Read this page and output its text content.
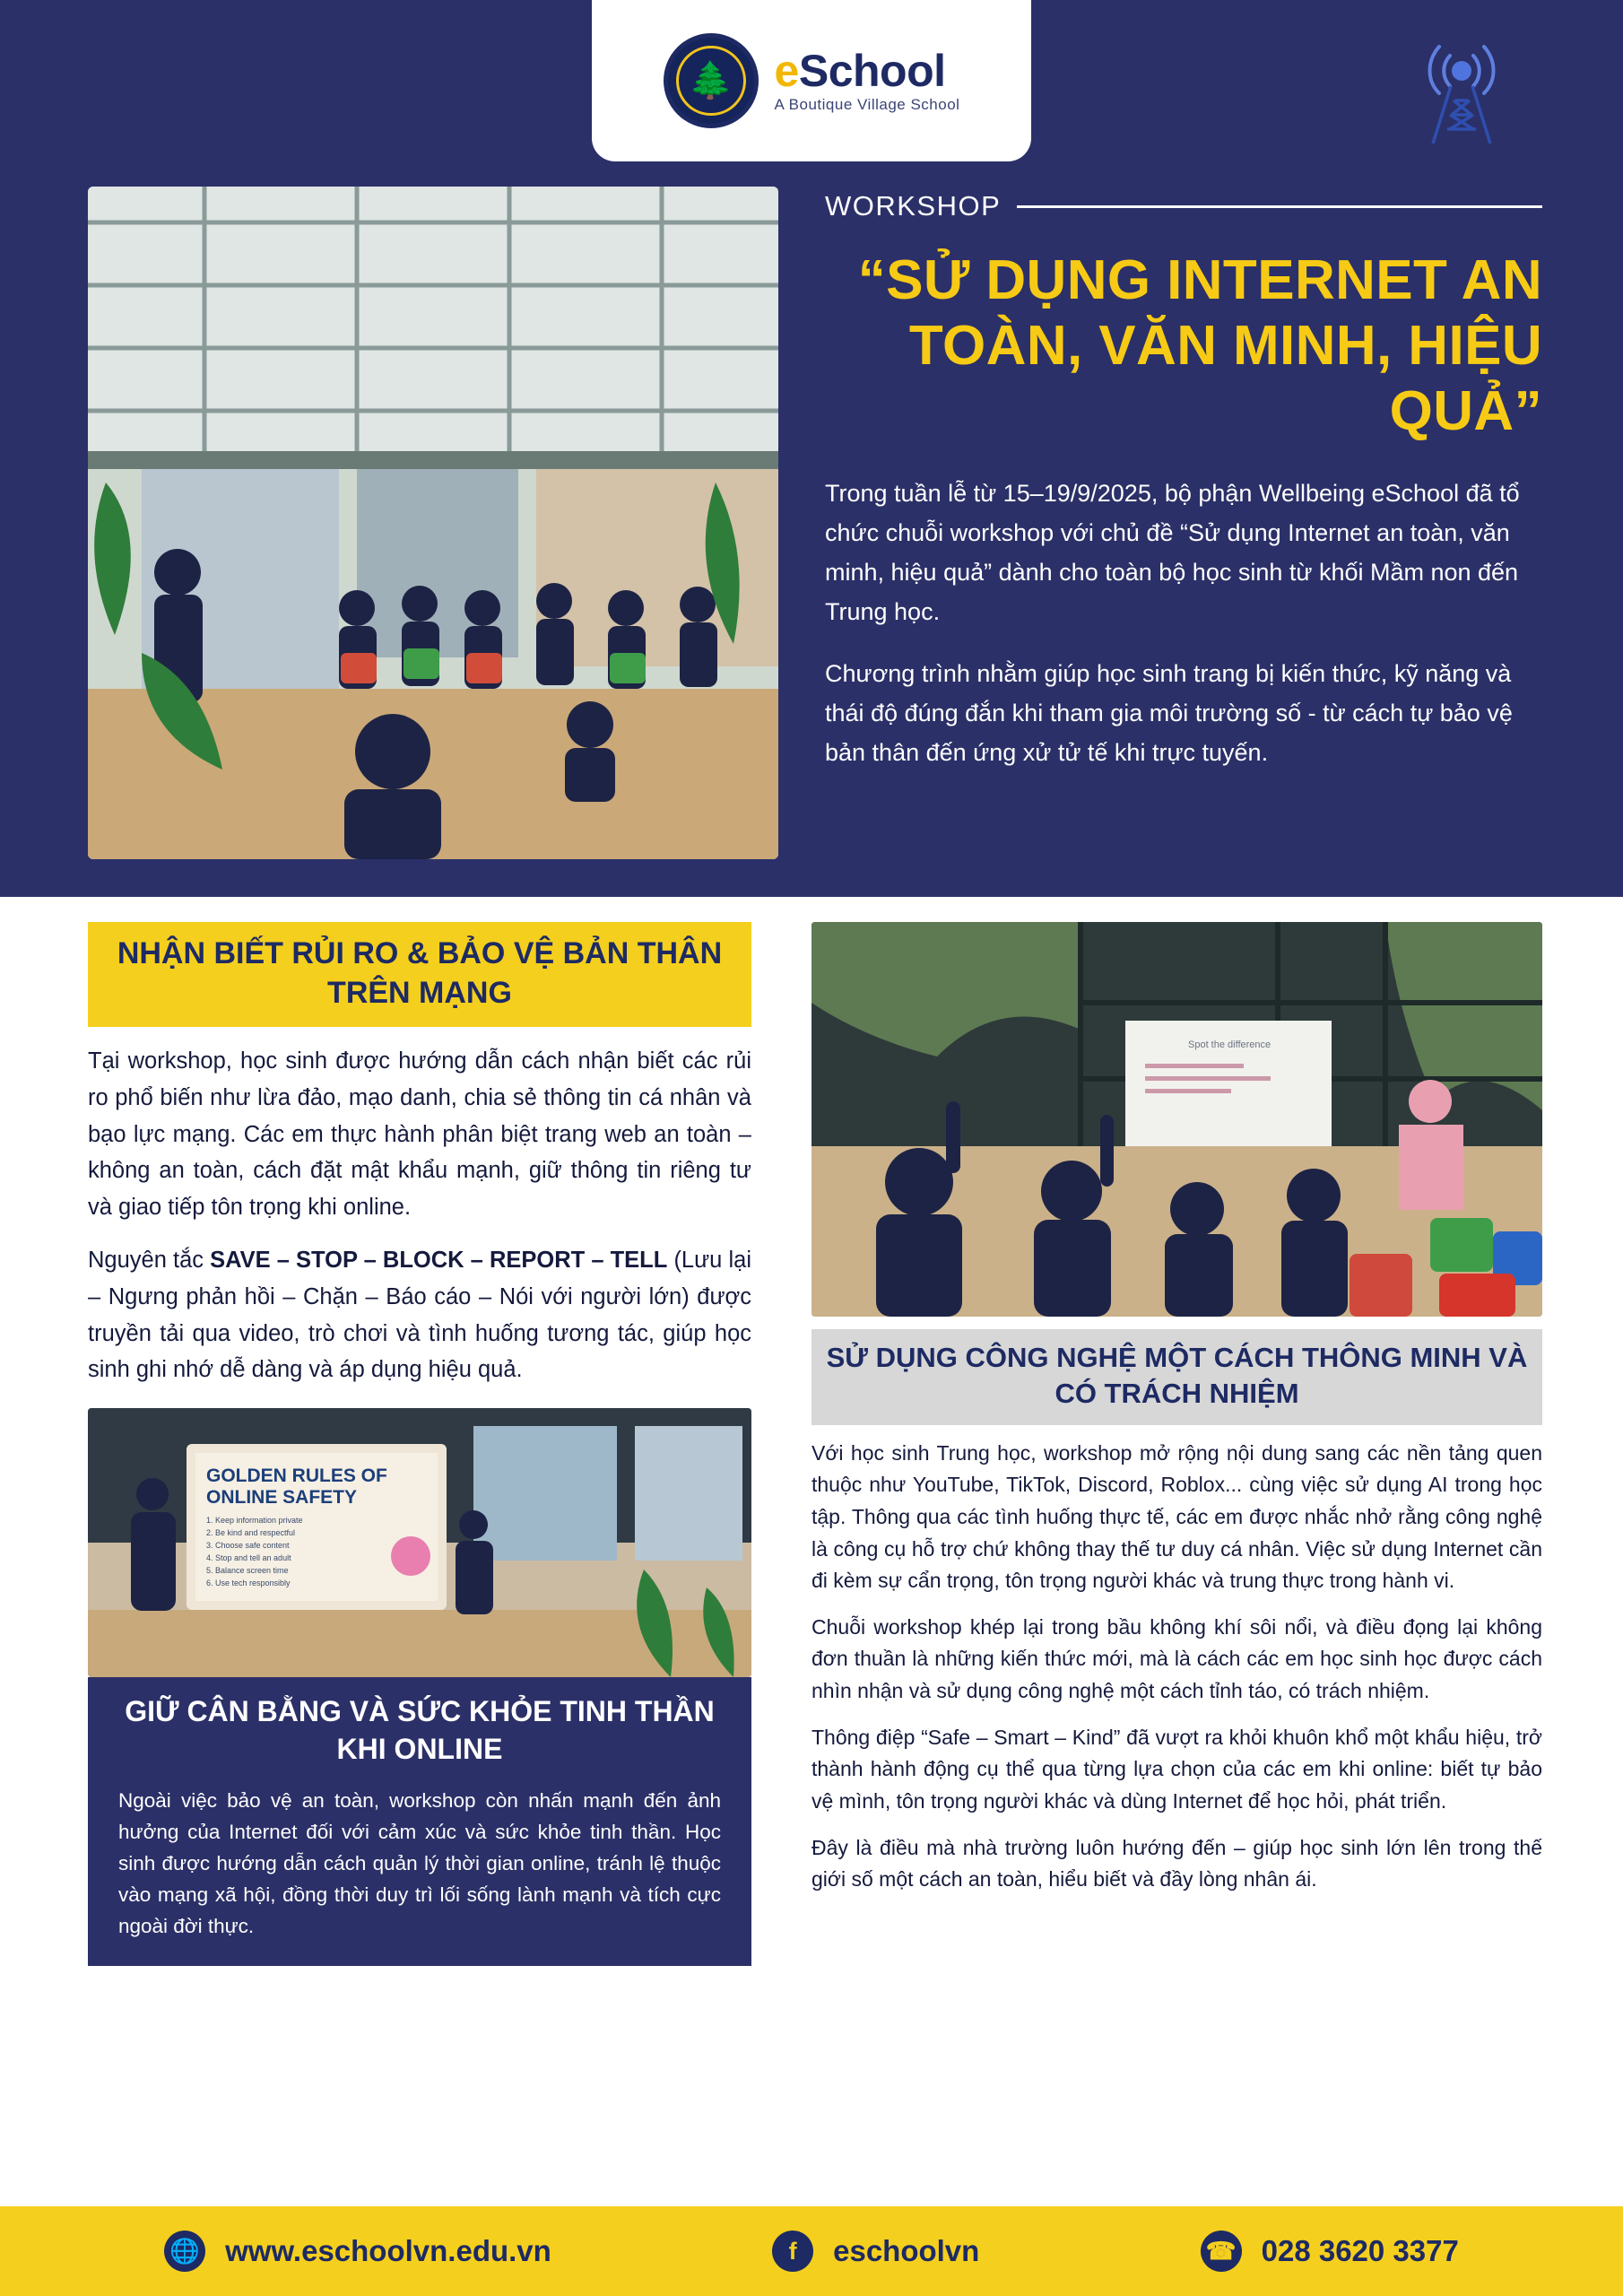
🌲 eSchool
A Boutique Village School
WORKSHOP
“SỬ DỤNG INTERNET AN TOÀN, VĂN MINH, HIỆU QUẢ”
Trong tuần lễ từ 15–19/9/2025, bộ phận Wellbeing eSchool đã tổ chức chuỗi workshop với chủ đề “Sử dụng Internet an toàn, văn minh, hiệu quả” dành cho toàn bộ học sinh từ khối Mầm non đến Trung học.
Chương trình nhằm giúp học sinh trang bị kiến thức, kỹ năng và thái độ đúng đắn khi tham gia môi trường số - từ cách tự bảo vệ bản thân đến ứng xử tử tế khi trực tuyến.
NHẬN BIẾT RỦI RO & BẢO VỆ BẢN THÂN TRÊN MẠNG
Tại workshop, học sinh được hướng dẫn cách nhận biết các rủi ro phổ biến như lừa đảo, mạo danh, chia sẻ thông tin cá nhân và bạo lực mạng. Các em thực hành phân biệt trang web an toàn – không an toàn, cách đặt mật khẩu mạnh, giữ thông tin riêng tư và giao tiếp tôn trọng khi online.
Nguyên tắc SAVE – STOP – BLOCK – REPORT – TELL (Lưu lại – Ngưng phản hồi – Chặn – Báo cáo – Nói với người lớn) được truyền tải qua video, trò chơi và tình huống tương tác, giúp học sinh ghi nhớ dễ dàng và áp dụng hiệu quả.
GOLDEN RULES OF
ONLINE SAFETY
1. Keep information private
2. Be kind and respectful
3. Choose safe content
4. Stop and tell an adult
5. Balance screen time
6. Use tech responsibly
GIỮ CÂN BẰNG VÀ SỨC KHỎE TINH THẦN KHI ONLINE
Ngoài việc bảo vệ an toàn, workshop còn nhấn mạnh đến ảnh hưởng của Internet đối với cảm xúc và sức khỏe tinh thần. Học sinh được hướng dẫn cách quản lý thời gian online, tránh lệ thuộc vào mạng xã hội, đồng thời duy trì lối sống lành mạnh và tích cực ngoài đời thực.
Spot the difference
SỬ DỤNG CÔNG NGHỆ MỘT CÁCH THÔNG MINH VÀ CÓ TRÁCH NHIỆM
Với học sinh Trung học, workshop mở rộng nội dung sang các nền tảng quen thuộc như YouTube, TikTok, Discord, Roblox... cùng việc sử dụng AI trong học tập. Thông qua các tình huống thực tế, các em được nhắc nhở rằng công nghệ là công cụ hỗ trợ chứ không thay thế tư duy cá nhân. Việc sử dụng Internet cần đi kèm sự cẩn trọng, tôn trọng người khác và trung thực trong hành vi.
Chuỗi workshop khép lại trong bầu không khí sôi nổi, và điều đọng lại không đơn thuần là những kiến thức mới, mà là cách các em học sinh học được cách nhìn nhận và sử dụng công nghệ một cách tỉnh táo, có trách nhiệm.
Thông điệp “Safe – Smart – Kind” đã vượt ra khỏi khuôn khổ một khẩu hiệu, trở thành hành động cụ thể qua từng lựa chọn của các em khi online: biết tự bảo vệ mình, tôn trọng người khác và dùng Internet để học hỏi, phát triển.
Đây là điều mà nhà trường luôn hướng đến – giúp học sinh lớn lên trong thế giới số một cách an toàn, hiểu biết và đầy lòng nhân ái.
🌐 www.eschoolvn.edu.vn	f	eschoolvn	☎ 028 3620 3377
